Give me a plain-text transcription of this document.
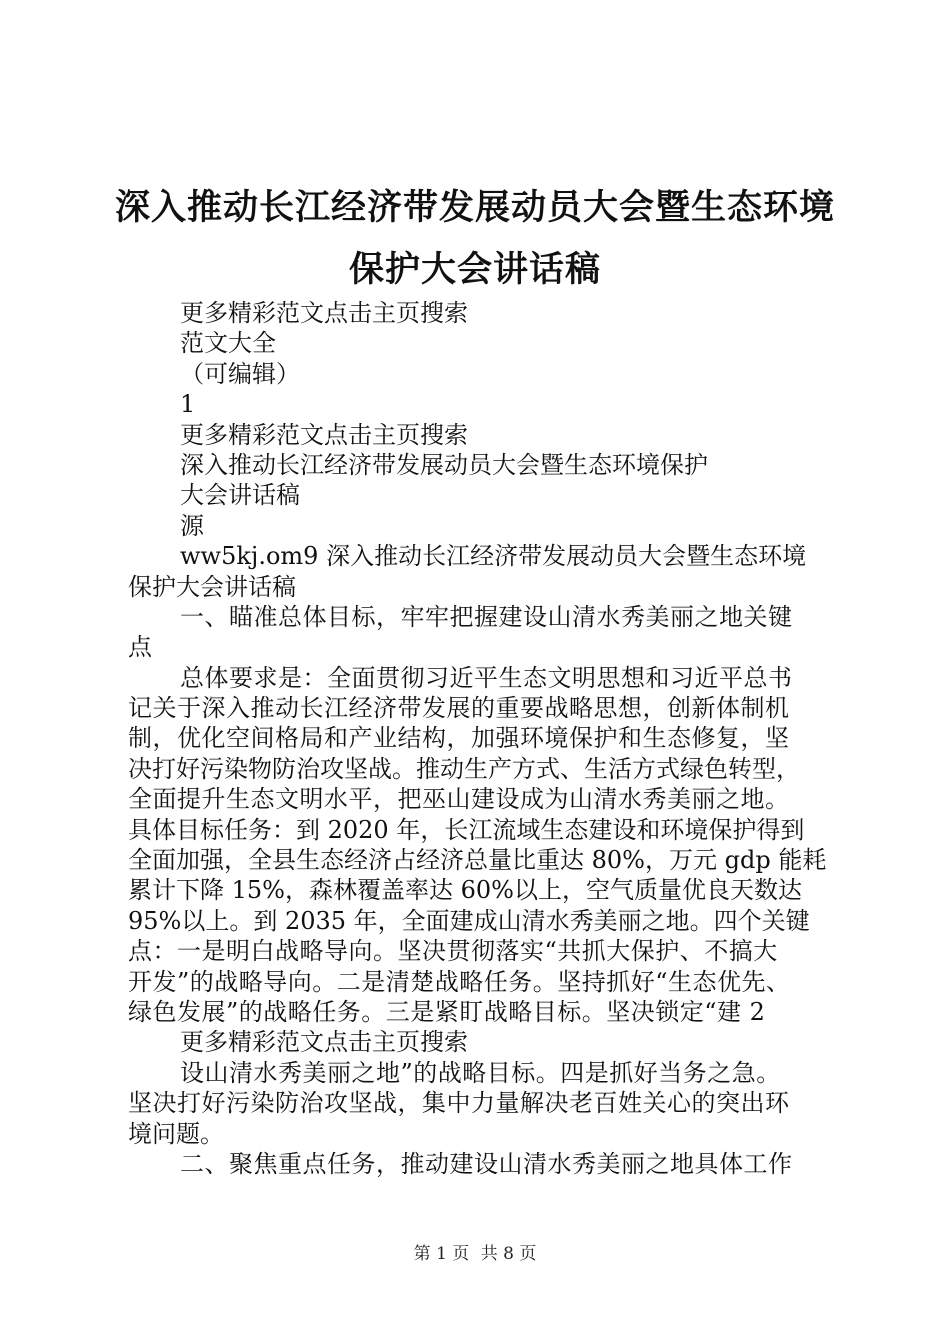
深入推动长江经济带发展动员大会暨生态环境
保护大会讲话稿
更多精彩范文点击主页搜索
范文大全
（可编辑）
1
更多精彩范文点击主页搜索
深入推动长江经济带发展动员大会暨生态环境保护
大会讲话稿
源
ww5kj.om9 深入推动长江经济带发展动员大会暨生态环境
保护大会讲话稿
一、瞄准总体目标，牢牢把握建设山清水秀美丽之地关键
点
总体要求是：全面贯彻习近平生态文明思想和习近平总书
记关于深入推动长江经济带发展的重要战略思想，创新体制机
制，优化空间格局和产业结构，加强环境保护和生态修复，坚
决打好污染物防治攻坚战。推动生产方式、生活方式绿色转型，
全面提升生态文明水平，把巫山建设成为山清水秀美丽之地。
具体目标任务：到 2020 年，长江流域生态建设和环境保护得到
全面加强，全县生态经济占经济总量比重达 80%，万元 gdp 能耗
累计下降 15%，森林覆盖率达 60%以上，空气质量优良天数达
95%以上。到 2035 年，全面建成山清水秀美丽之地。四个关键
点：一是明白战略导向。坚决贯彻落实“共抓大保护、不搞大
开发”的战略导向。二是清楚战略任务。坚持抓好“生态优先、
绿色发展”的战略任务。三是紧盯战略目标。坚决锁定“建 2
更多精彩范文点击主页搜索
设山清水秀美丽之地”的战略目标。四是抓好当务之急。
坚决打好污染防治攻坚战，集中力量解决老百姓关心的突出环
境问题。
二、聚焦重点任务，推动建设山清水秀美丽之地具体工作
第 1 页 共 8 页
